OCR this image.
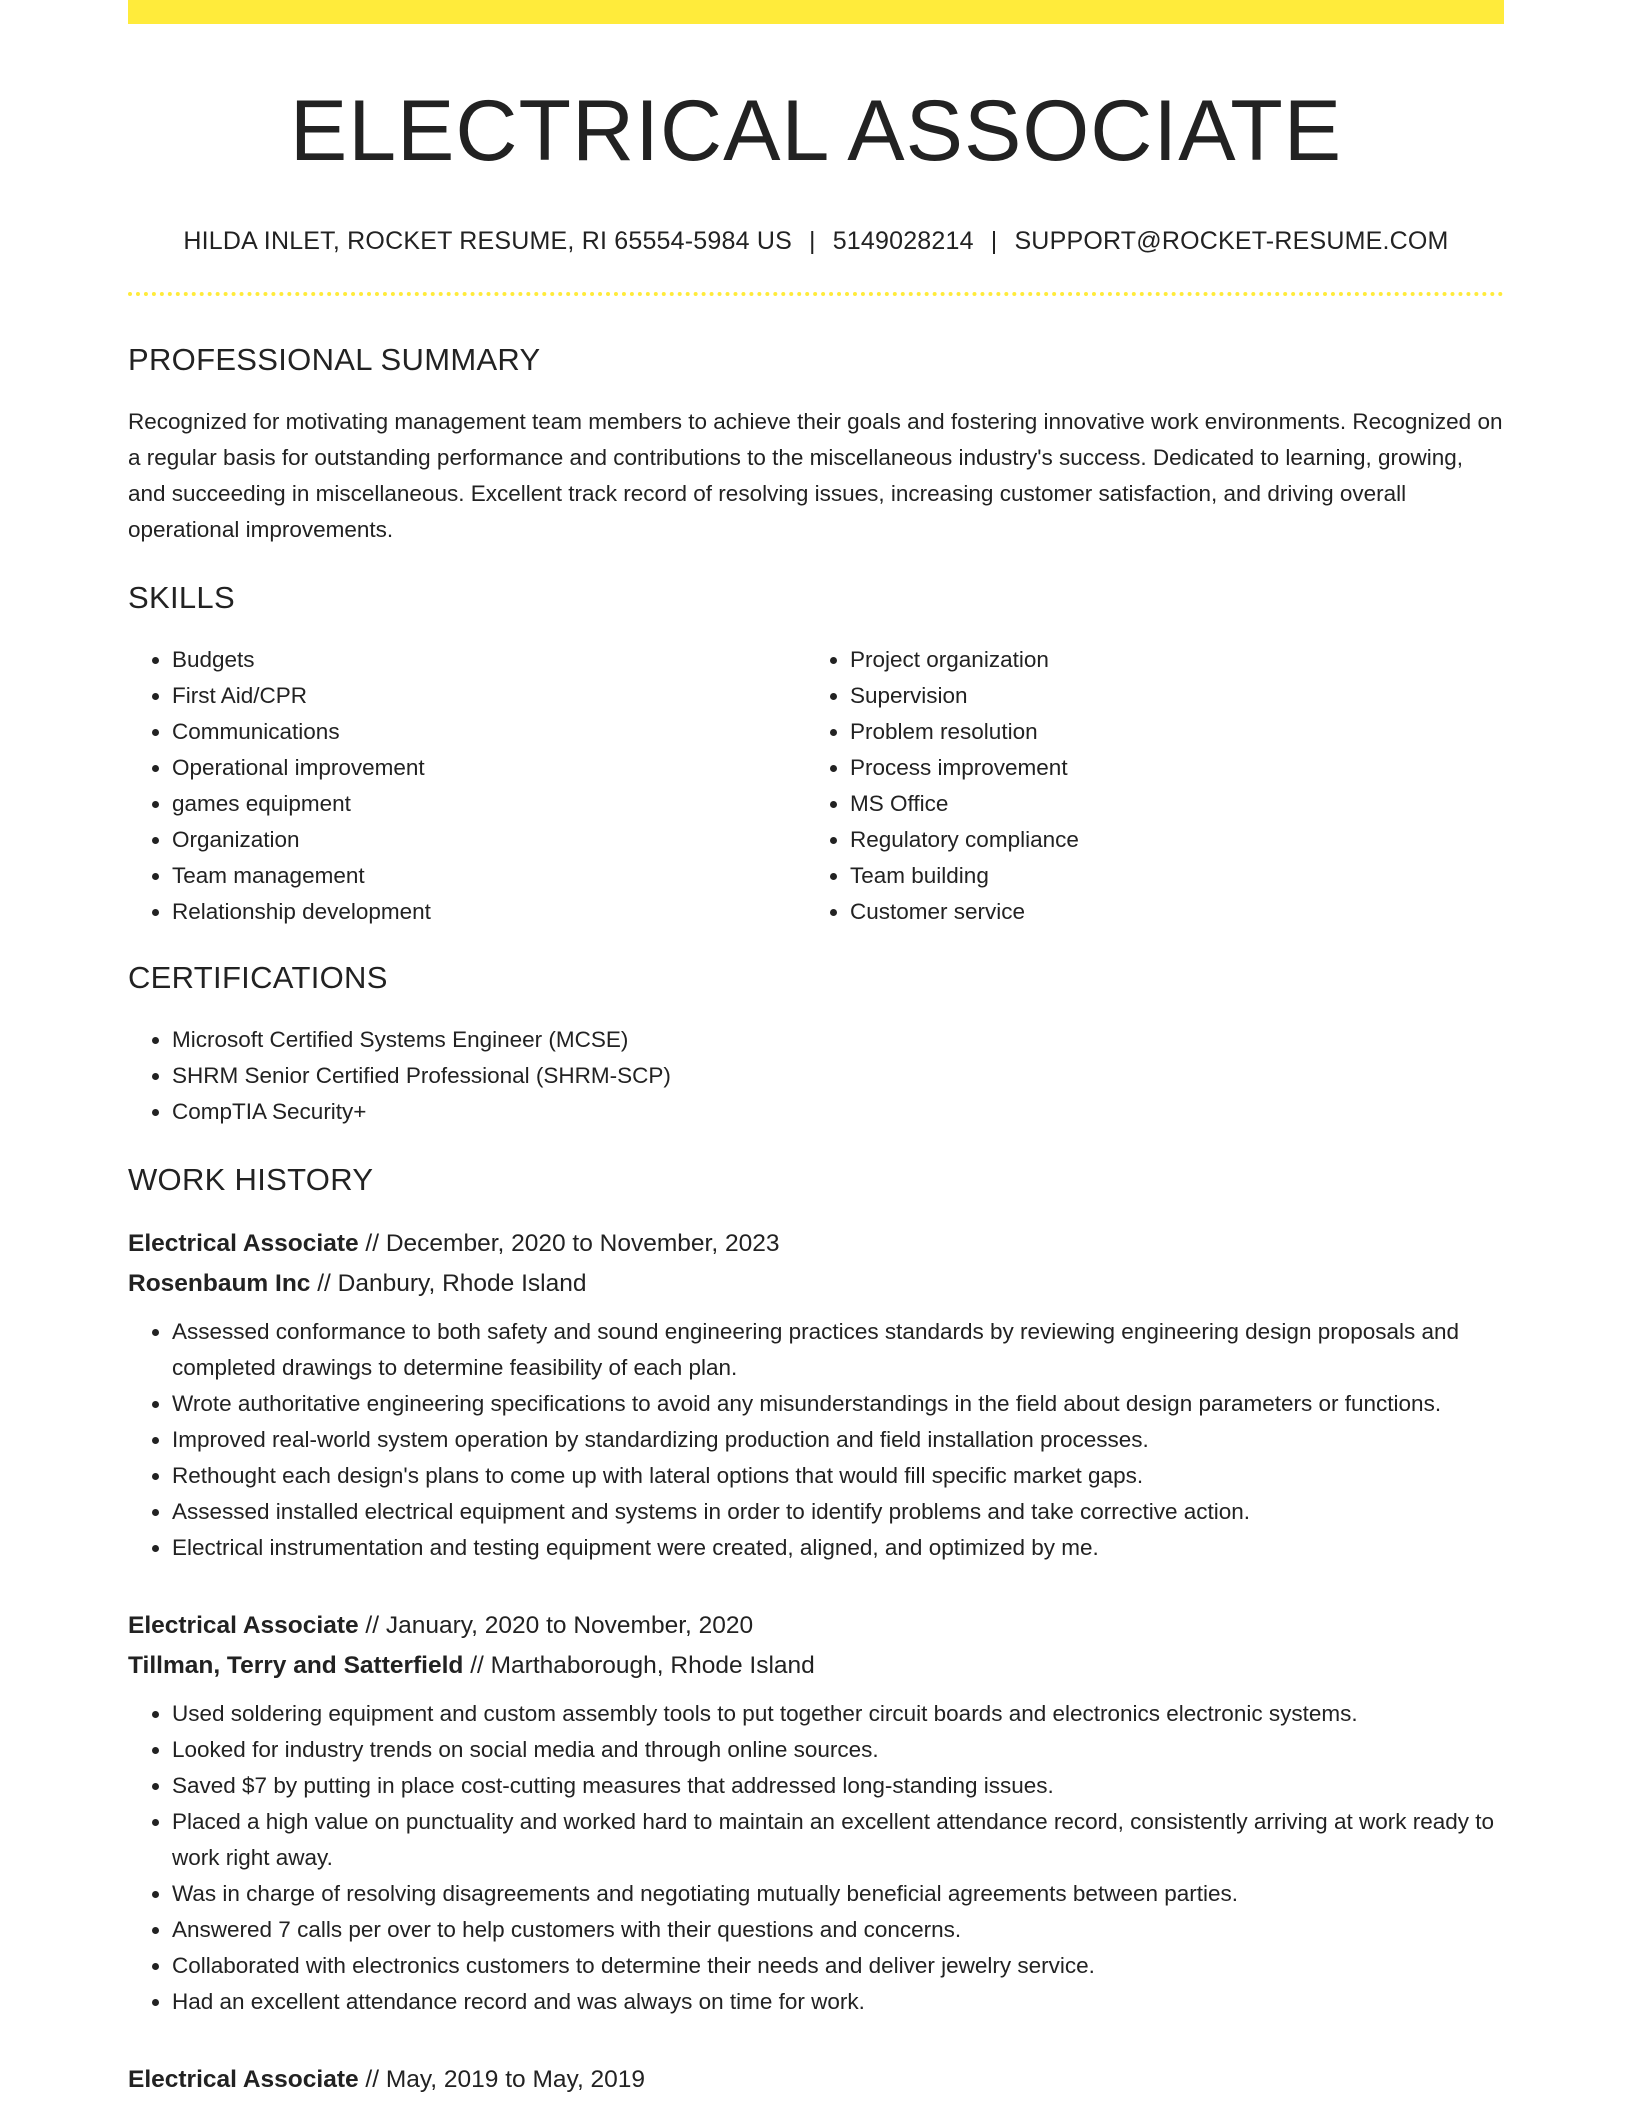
ELECTRICAL ASSOCIATE
HILDA INLET, ROCKET RESUME, RI 65554-5984 US | 5149028214 | SUPPORT@ROCKET-RESUME.COM
PROFESSIONAL SUMMARY
Recognized for motivating management team members to achieve their goals and fostering innovative work environments. Recognized on a regular basis for outstanding performance and contributions to the miscellaneous industry's success. Dedicated to learning, growing, and succeeding in miscellaneous. Excellent track record of resolving issues, increasing customer satisfaction, and driving overall operational improvements.
SKILLS
• Budgets
• First Aid/CPR
• Communications
• Operational improvement
• games equipment
• Organization
• Team management
• Relationship development
• Project organization
• Supervision
• Problem resolution
• Process improvement
• MS Office
• Regulatory compliance
• Team building
• Customer service
CERTIFICATIONS
• Microsoft Certified Systems Engineer (MCSE)
• SHRM Senior Certified Professional (SHRM-SCP)
• CompTIA Security+
WORK HISTORY
Electrical Associate // December, 2020 to November, 2023
Rosenbaum Inc // Danbury, Rhode Island
• Assessed conformance to both safety and sound engineering practices standards by reviewing engineering design proposals and completed drawings to determine feasibility of each plan.
• Wrote authoritative engineering specifications to avoid any misunderstandings in the field about design parameters or functions.
• Improved real-world system operation by standardizing production and field installation processes.
• Rethought each design's plans to come up with lateral options that would fill specific market gaps.
• Assessed installed electrical equipment and systems in order to identify problems and take corrective action.
• Electrical instrumentation and testing equipment were created, aligned, and optimized by me.
Electrical Associate // January, 2020 to November, 2020
Tillman, Terry and Satterfield // Marthaborough, Rhode Island
• Used soldering equipment and custom assembly tools to put together circuit boards and electronics electronic systems.
• Looked for industry trends on social media and through online sources.
• Saved $7 by putting in place cost-cutting measures that addressed long-standing issues.
• Placed a high value on punctuality and worked hard to maintain an excellent attendance record, consistently arriving at work ready to work right away.
• Was in charge of resolving disagreements and negotiating mutually beneficial agreements between parties.
• Answered 7 calls per over to help customers with their questions and concerns.
• Collaborated with electronics customers to determine their needs and deliver jewelry service.
• Had an excellent attendance record and was always on time for work.
Electrical Associate // May, 2019 to May, 2019
